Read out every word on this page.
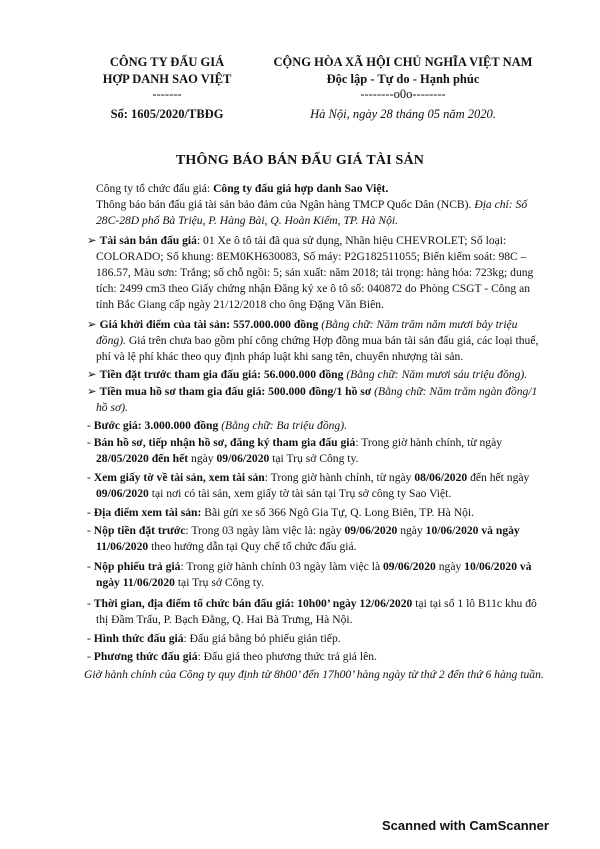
CÔNG TY ĐẤU GIÁ
HỢP DANH SAO VIỆT
-------
Số: 1605/2020/TBĐG
CỘNG HÒA XÃ HỘI CHỦ NGHĨA VIỆT NAM
Độc lập - Tự do - Hạnh phúc
--------o0o--------
Hà Nội, ngày 28 tháng 05 năm 2020.
THÔNG BÁO BÁN ĐẤU GIÁ TÀI SẢN
Công ty tổ chức đấu giá: Công ty đấu giá hợp danh Sao Việt.
Thông báo bán đấu giá tài sản bảo đảm của Ngân hàng TMCP Quốc Dân (NCB). Địa chỉ: Số
28C-28D phố Bà Triệu, P. Hàng Bài, Q. Hoàn Kiếm, TP. Hà Nội.
➢ Tài sản bán đấu giá: 01 Xe ô tô tải đã qua sử dụng, Nhãn hiệu CHEVROLET; Số loại:
COLORADO; Số khung: 8EM0KH630083, Số máy: P2G182511055; Biển kiểm soát: 98C –
186.57, Màu sơn: Trắng; số chỗ ngồi: 5; sản xuất: năm 2018; tải trọng: hàng hóa: 723kg; dung
tích: 2499 cm3 theo Giấy chứng nhận Đăng ký xe ô tô số: 040872 do Phòng CSGT - Công an
tỉnh Bắc Giang cấp ngày 21/12/2018 cho ông Đặng Văn Biên.
➢ Giá khởi điểm của tài sản: 557.000.000 đồng (Bằng chữ: Năm trăm năm mươi bảy triệu
đồng). Giá trên chưa bao gồm phí công chứng Hợp đồng mua bán tài sản đấu giá, các loại thuế,
phí và lệ phí khác theo quy định pháp luật khi sang tên, chuyển nhượng tài sản.
➢ Tiền đặt trước tham gia đấu giá: 56.000.000 đồng (Bằng chữ: Năm mươi sáu triệu đồng).
➢ Tiền mua hồ sơ tham gia đấu giá: 500.000 đồng/1 hồ sơ (Bằng chữ: Năm trăm ngàn đồng/1
hồ sơ).
- Bước giá: 3.000.000 đồng (Bằng chữ: Ba triệu đồng).
- Bán hồ sơ, tiếp nhận hồ sơ, đăng ký tham gia đấu giá: Trong giờ hành chính, từ ngày
28/05/2020 đến hết ngày 09/06/2020 tại Trụ sở Công ty.
- Xem giấy tờ về tài sản, xem tài sản: Trong giờ hành chính, từ ngày 08/06/2020 đến hết ngày
09/06/2020 tại nơi có tài sản, xem giấy tờ tài sản tại Trụ sở công ty Sao Việt.
- Địa điểm xem tài sản: Bãi gửi xe số 366 Ngô Gia Tự, Q. Long Biên, TP. Hà Nội.
- Nộp tiền đặt trước: Trong 03 ngày làm việc là: ngày 09/06/2020 ngày 10/06/2020 và ngày
11/06/2020 theo hướng dẫn tại Quy chế tổ chức đấu giá.
- Nộp phiếu trả giá: Trong giờ hành chính 03 ngày làm việc là 09/06/2020 ngày 10/06/2020 và
ngày 11/06/2020 tại Trụ sở Công ty.
- Thời gian, địa điểm tổ chức bán đấu giá: 10h00’ ngày 12/06/2020 tại tại số 1 lô B11c khu đô
thị Đầm Trấu, P. Bạch Đằng, Q. Hai Bà Trưng, Hà Nội.
- Hình thức đấu giá: Đấu giá bằng bỏ phiếu gián tiếp.
- Phương thức đấu giá: Đấu giá theo phương thức trả giá lên.
Giờ hành chính của Công ty quy định từ 8h00’ đến 17h00’ hàng ngày từ thứ 2 đến thứ 6 hàng tuần.
Scanned with CamScanner
